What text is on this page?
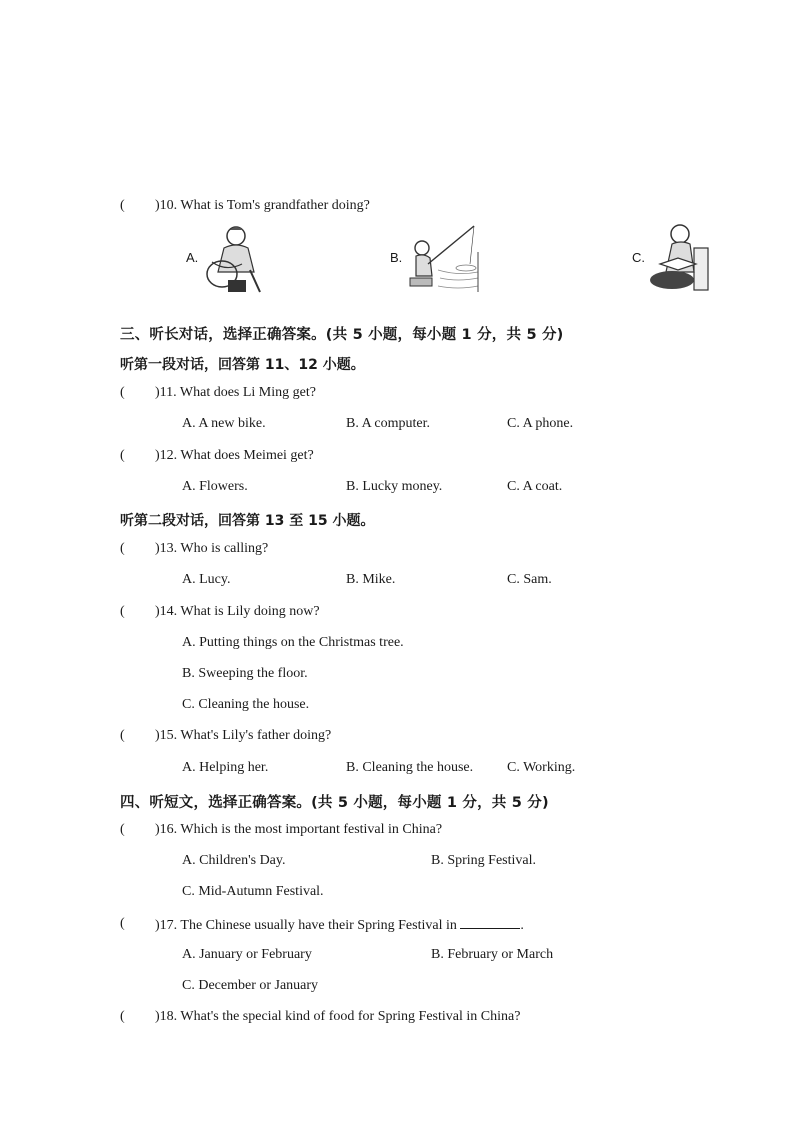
( )10. What is Tom's grandfather doing?
A.	B.	C.
三、听长对话，选择正确答案。(共 5 小题，每小题 1 分，共 5 分)
听第一段对话，回答第 11、12 小题。
( )11. What does Li Ming get?
A. A new bike.	B. A computer.	C. A phone.
( )12. What does Meimei get?
A. Flowers.	B. Lucky money.	C. A coat.
听第二段对话，回答第 13 至 15 小题。
( )13. Who is calling?
A. Lucy.	B. Mike.	C. Sam.
( )14. What is Lily doing now?
A. Putting things on the Christmas tree.
B. Sweeping the floor.
C. Cleaning the house.
( )15. What's Lily's father doing?
A. Helping her.	B. Cleaning the house. C. Working.
四、听短文，选择正确答案。(共 5 小题，每小题 1 分，共 5 分)
( )16. Which is the most important festival in China?
A. Children's Day.	B. Spring Festival.
C. Mid-Autumn Festival.
( )17. The Chinese usually have their Spring Festival in	.
A. January or February	B. February or March
C. December or January
( )18. What's the special kind of food for Spring Festival in China?
